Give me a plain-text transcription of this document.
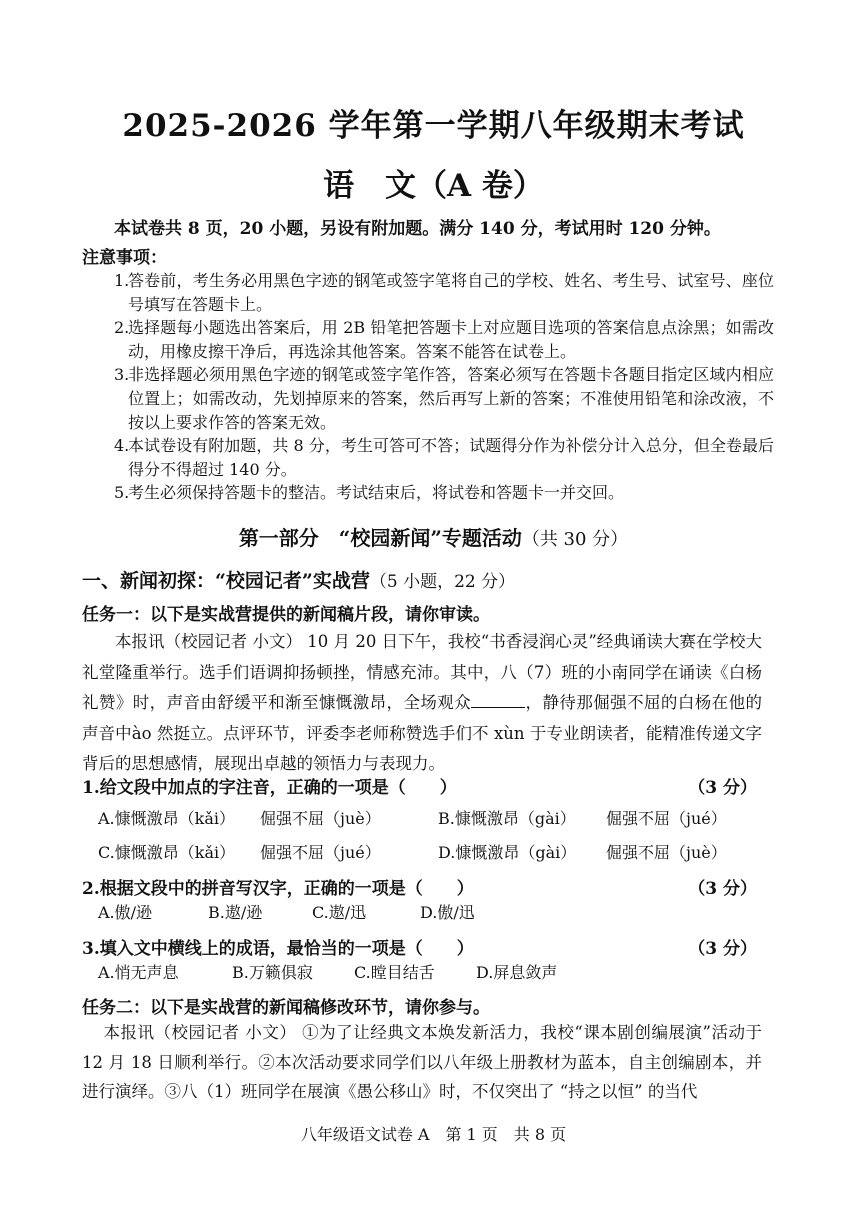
2025-2026 学年第一学期八年级期末考试
语　文（A 卷）
本试卷共 8 页，20 小题，另设有附加题。满分 140 分，考试用时 120 分钟。
注意事项：
1.
答卷前，考生务必用黑色字迹的钢笔或签字笔将自己的学校、姓名、考生号、试室号、座位号填写在答题卡上。
2.
选择题每小题选出答案后，用 2B 铅笔把答题卡上对应题目选项的答案信息点涂黑；如需改动，用橡皮擦干净后，再选涂其他答案。答案不能答在试卷上。
3.
非选择题必须用黑色字迹的钢笔或签字笔作答，答案必须写在答题卡各题目指定区域内相应位置上；如需改动，先划掉原来的答案，然后再写上新的答案；不准使用铅笔和涂改液，不按以上要求作答的答案无效。
4.
本试卷设有附加题，共 8 分，考生可答可不答；试题得分作为补偿分计入总分，但全卷最后得分不得超过 140 分。
5.
考生必须保持答题卡的整洁。考试结束后，将试卷和答题卡一并交回。
第一部分　“校园新闻”专题活动（共 30 分）
一、新闻初探：“校园记者”实战营（5 小题，22 分）
任务一：以下是实战营提供的新闻稿片段，请你审读。
本报讯（校园记者 小文） 10 月 20 日下午，我校“书香浸润心灵”经典诵读大赛在学校大礼堂隆重举行。选手们语调抑扬顿挫，情感充沛。其中，八（7）班的小南同学在诵读《白杨礼赞》时，声音由舒缓平和渐至慷慨激昂，全场观众	，静待那倔强不屈的白杨在他的声音中ào 然挺立。点评环节，评委李老师称赞选手们不 xùn 于专业朗读者，能精准传递文字背后的思想感情，展现出卓越的领悟力与表现力。
1.给文段中加点的字注音，正确的一项是（　　）	（3 分）
A.慷慨激昂（kǎi） 倔强不屈（juè）	B.慷慨激昂（gài） 倔强不屈（jué）
C.慷慨激昂（kǎi） 倔强不屈（jué）	D.慷慨激昂（gài） 倔强不屈（juè）
2.根据文段中的拼音写汉字，正确的一项是（　　）	（3 分）
A.傲/逊	B.遨/逊	C.遨/迅	D.傲/迅
3.填入文中横线上的成语，最恰当的一项是（　　）	（3 分）
A.悄无声息	B.万籁俱寂	C.瞠目结舌	D.屏息敛声
任务二：以下是实战营的新闻稿修改环节，请你参与。
本报讯（校园记者 小文） ①为了让经典文本焕发新活力，我校“课本剧创编展演”活动于 12 月 18 日顺利举行。②本次活动要求同学们以八年级上册教材为蓝本，自主创编剧本，并进行演绎。③八（1）班同学在展演《愚公移山》时，不仅突出了 “持之以恒” 的当代
八年级语文试卷 A　第 1 页　共 8 页
